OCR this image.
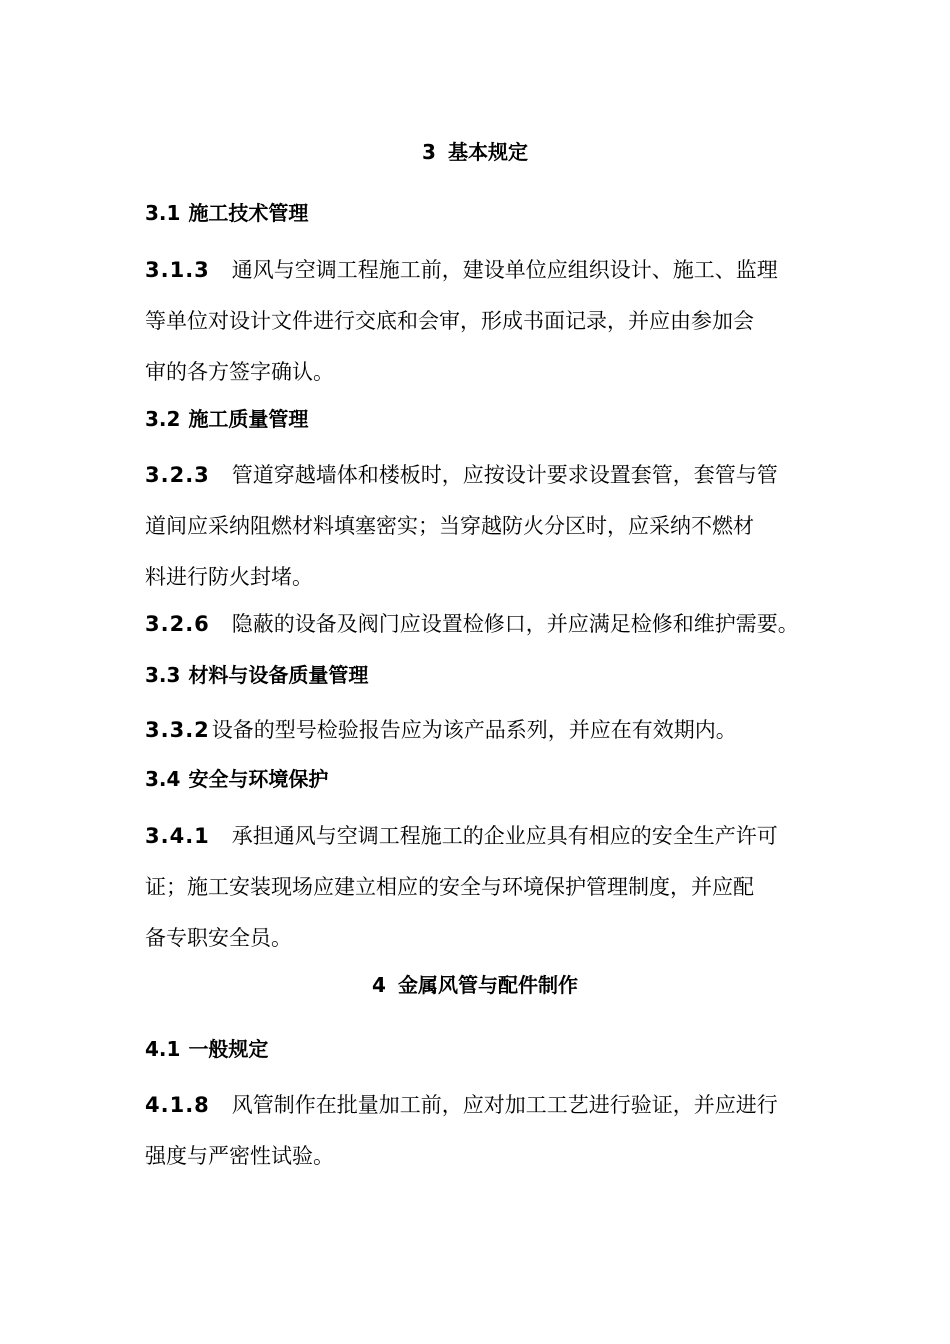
3 基本规定
3.1 施工技术管理

3.1.3 通风与空调工程施工前，建设单位应组织设计、施工、监理
等单位对设计文件进行交底和会审，形成书面记录，并应由参加会
审的各方签字确认。

3.2 施工质量管理

3.2.3 管道穿越墙体和楼板时，应按设计要求设置套管，套管与管
道间应采纳阻燃材料填塞密实；当穿越防火分区时，应采纳不燃材
料进行防火封堵。

3.2.6 隐蔽的设备及阀门应设置检修口，并应满足检修和维护需要。

3.3 材料与设备质量管理

3.3.2设备的型号检验报告应为该产品系列，并应在有效期内。

3.4 安全与环境保护

3.4.1 承担通风与空调工程施工的企业应具有相应的安全生产许可
证；施工安装现场应建立相应的安全与环境保护管理制度，并应配
备专职安全员。

4 金属风管与配件制作
4.1 一般规定

4.1.8 风管制作在批量加工前，应对加工工艺进行验证，并应进行
强度与严密性试验。
